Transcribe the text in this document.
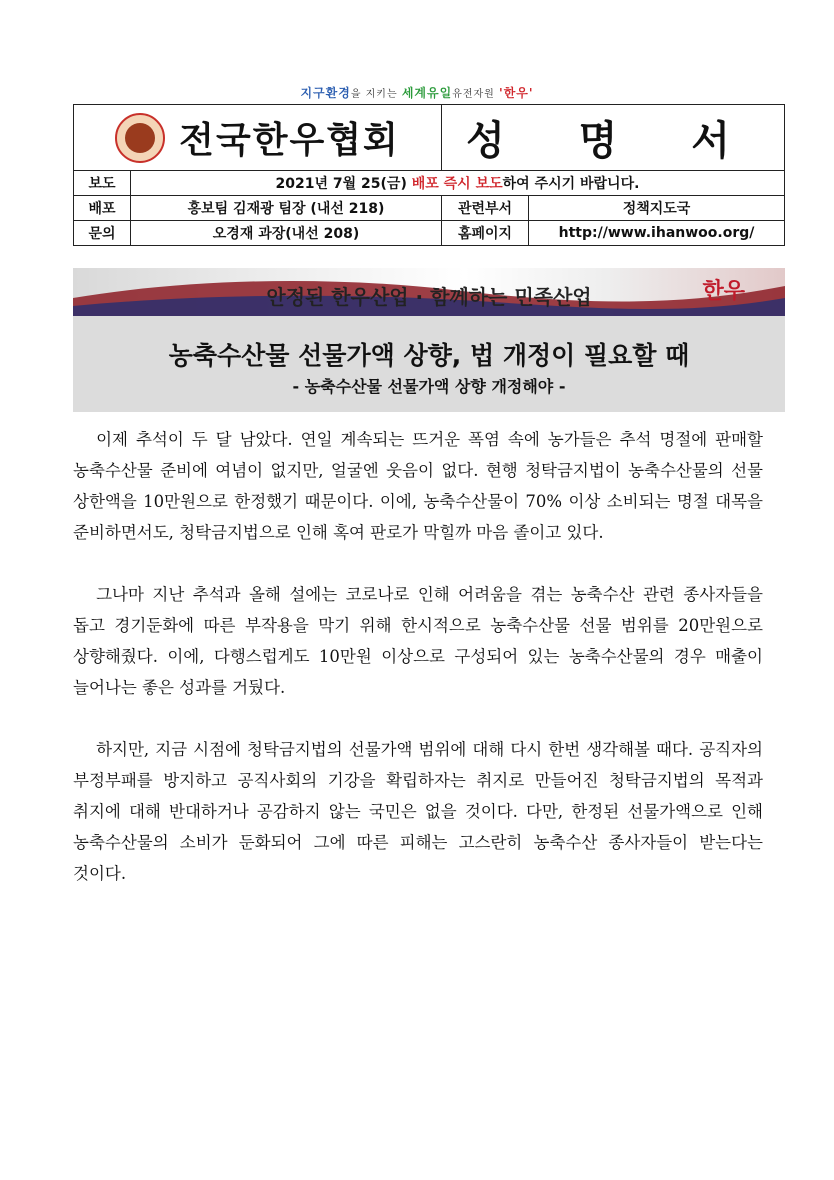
지구환경을 지키는 세계유일유전자원 '한우'
전국한우협회		성 명 서	
보도	2021년 7월 25(금) 배포 즉시 보도하여 주시기 바랍니다.		
배포	홍보팀 김재광 팀장 (내선 218)	관련부서	정책지도국
문의	오경재 과장(내선 208)	홈페이지	http://www.ihanwoo.org/
안정된 한우산업 · 함께하는 민족산업	한우
농축수산물 선물가액 상향, 법 개정이 필요할 때
- 농축수산물 선물가액 상향 개정해야 -

이제 추석이 두 달 남았다. 연일 계속되는 뜨거운 폭염 속에 농가들은 추석 명절에 판매할 농축수산물 준비에 여념이 없지만, 얼굴엔 웃음이 없다. 현행 청탁금지법이 농축수산물의 선물 상한액을 10만원으로 한정했기 때문이다. 이에, 농축수산물이 70% 이상 소비되는 명절 대목을 준비하면서도, 청탁금지법으로 인해 혹여 판로가 막힐까 마음 졸이고 있다.

그나마 지난 추석과 올해 설에는 코로나로 인해 어려움을 겪는 농축수산 관련 종사자들을 돕고 경기둔화에 따른 부작용을 막기 위해 한시적으로 농축수산물 선물 범위를 20만원으로 상향해줬다. 이에, 다행스럽게도 10만원 이상으로 구성되어 있는 농축수산물의 경우 매출이 늘어나는 좋은 성과를 거뒀다.

하지만, 지금 시점에 청탁금지법의 선물가액 범위에 대해 다시 한번 생각해볼 때다. 공직자의 부정부패를 방지하고 공직사회의 기강을 확립하자는 취지로 만들어진 청탁금지법의 목적과 취지에 대해 반대하거나 공감하지 않는 국민은 없을 것이다. 다만, 한정된 선물가액으로 인해 농축수산물의 소비가 둔화되어 그에 따른 피해는 고스란히 농축수산 종사자들이 받는다는 것이다.
